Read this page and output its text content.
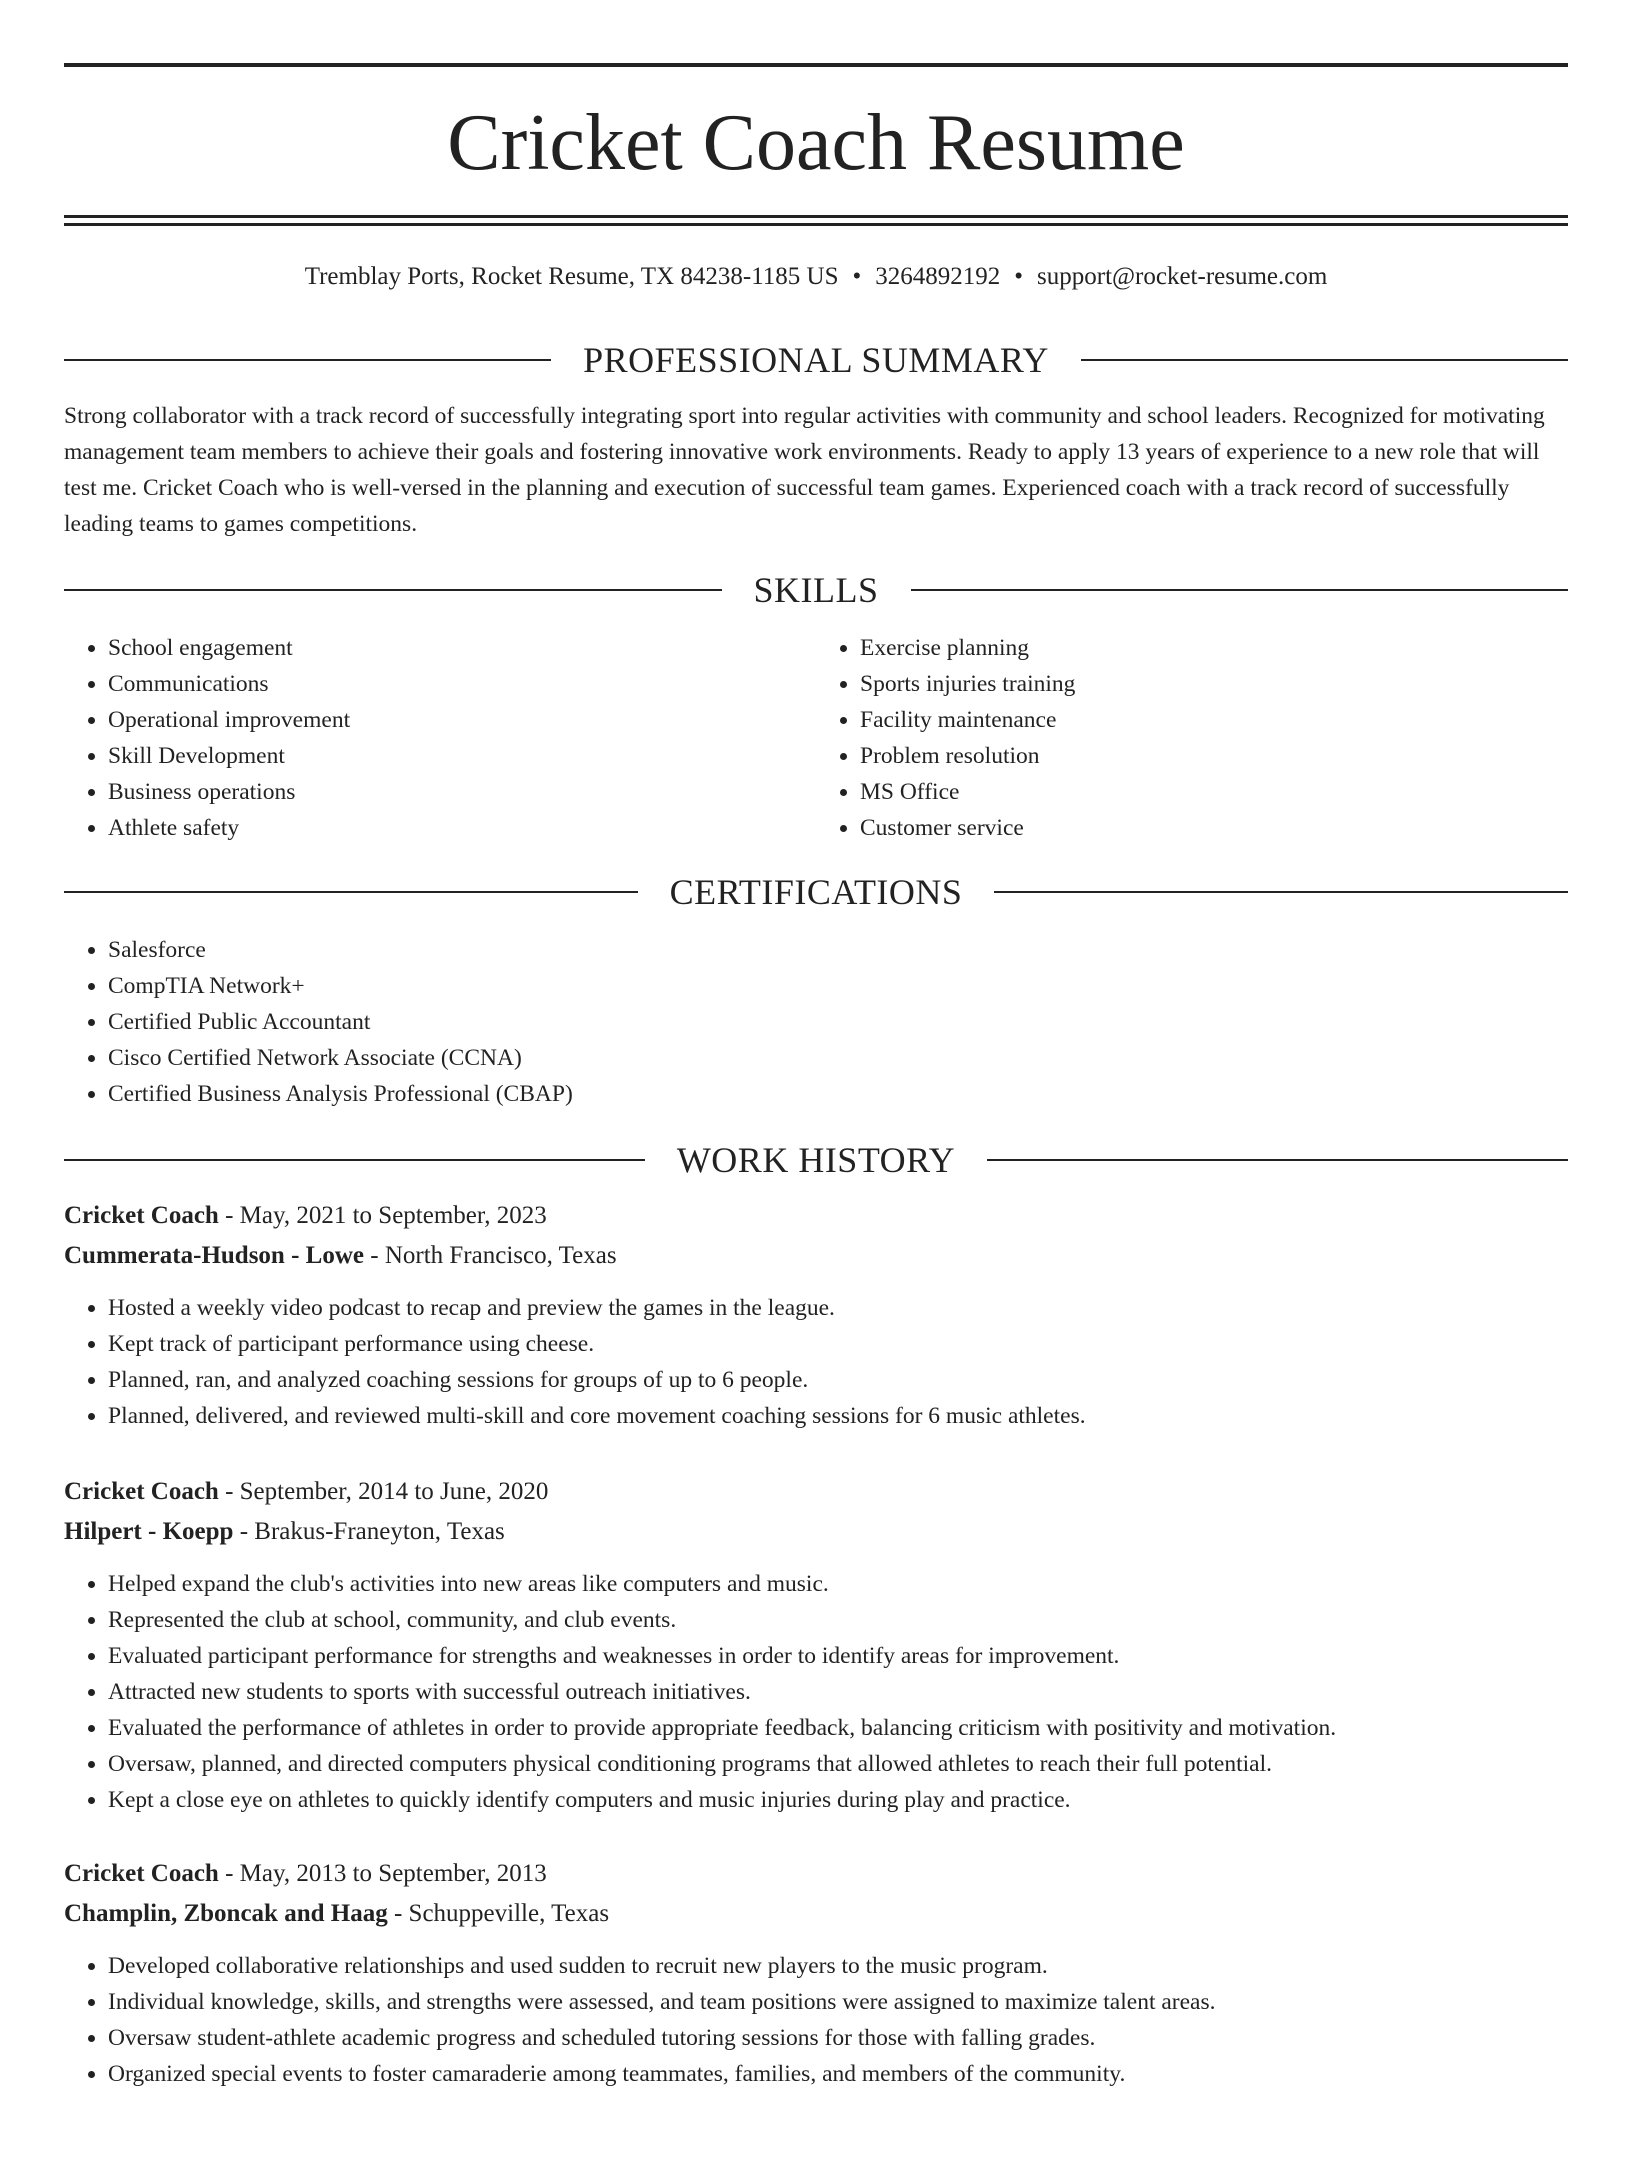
Cricket Coach Resume
Tremblay Ports, Rocket Resume, TX 84238-1185 US • 3264892192 • support@rocket-resume.com
PROFESSIONAL SUMMARY

Strong collaborator with a track record of successfully integrating sport into regular activities with community and school leaders. Recognized for motivating management team members to achieve their goals and fostering innovative work environments. Ready to apply 13 years of experience to a new role that will test me. Cricket Coach who is well-versed in the planning and execution of successful team games. Experienced coach with a track record of successfully leading teams to games competitions.

SKILLS
• School engagement
• Communications
• Operational improvement
• Skill Development
• Business operations
• Athlete safety
• Exercise planning
• Sports injuries training
• Facility maintenance
• Problem resolution
• MS Office
• Customer service
CERTIFICATIONS
• Salesforce
• CompTIA Network+
• Certified Public Accountant
• Cisco Certified Network Associate (CCNA)
• Certified Business Analysis Professional (CBAP)
WORK HISTORY
Cricket Coach - May, 2021 to September, 2023
Cummerata-Hudson - Lowe - North Francisco, Texas
• Hosted a weekly video podcast to recap and preview the games in the league.
• Kept track of participant performance using cheese.
• Planned, ran, and analyzed coaching sessions for groups of up to 6 people.
• Planned, delivered, and reviewed multi-skill and core movement coaching sessions for 6 music athletes.
Cricket Coach - September, 2014 to June, 2020
Hilpert - Koepp - Brakus-Franeyton, Texas
• Helped expand the club's activities into new areas like computers and music.
• Represented the club at school, community, and club events.
• Evaluated participant performance for strengths and weaknesses in order to identify areas for improvement.
• Attracted new students to sports with successful outreach initiatives.
• Evaluated the performance of athletes in order to provide appropriate feedback, balancing criticism with positivity and motivation.
• Oversaw, planned, and directed computers physical conditioning programs that allowed athletes to reach their full potential.
• Kept a close eye on athletes to quickly identify computers and music injuries during play and practice.
Cricket Coach - May, 2013 to September, 2013
Champlin, Zboncak and Haag - Schuppeville, Texas
• Developed collaborative relationships and used sudden to recruit new players to the music program.
• Individual knowledge, skills, and strengths were assessed, and team positions were assigned to maximize talent areas.
• Oversaw student-athlete academic progress and scheduled tutoring sessions for those with falling grades.
• Organized special events to foster camaraderie among teammates, families, and members of the community.
